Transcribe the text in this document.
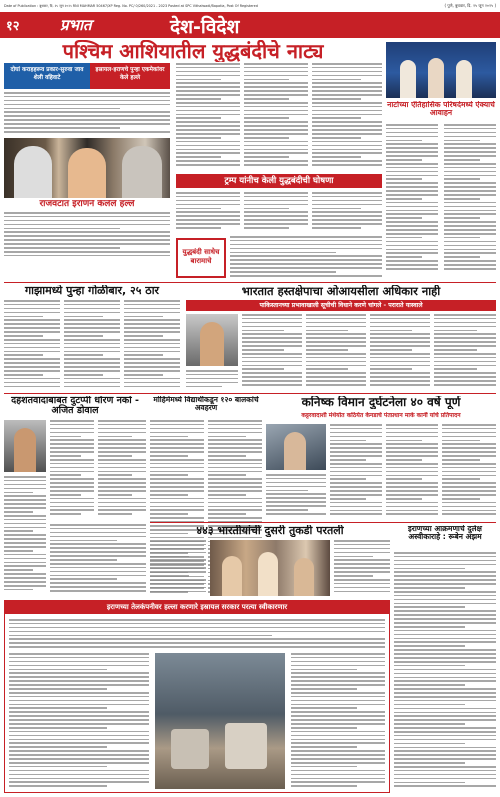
Date of Publication : बुधवार, दि. २५ जून २०२५ RNI MAHMAR 50467/XP Reg. No. PC/ 0/260/2021 - 2023 Posted at SPC Vithalwadi/Bapatia, Post Of Registered	( पुणे, बुधवार, दि. २५ जून २०२५ )
१२	प्रभात	देश-विदेश
पश्चिम आशियातील युद्धबंदीचे नाट्य
दोघां कराहहरूव प्रकार-सुरुवा जाव शेली वहिवाटे
इस्रायल-इराणचे पुन्हा एकमेकांवर केले हल्ले
राजवटात इराणने केलेले हल्ले
ट्रम्प यांनीच केली युद्धबंदीची घोषणा
युद्धबंदी साधेच बारामाचे
नाटोच्या ऐतिहासिक परिषदेमध्ये ऐक्याचे आवाहन
गाझामध्ये पुन्हा गोळीबार, २५ ठार	भारतात हस्तक्षेपाचा ओआयसीला अधिकार नाही
पाकिस्तानच्या प्रभावाखाली सूचीची विधाने करणे चांगले - पराराते यास्वाले
दहशतवादाबाबत दुटप्पी धोरण नको - अजित डोवाल
मोहिमेमध्ये विद्यार्थीकडून १२० बालकांचे अवहरण	कनिष्क विमान दुर्घटनेला ४० वर्षे पूर्ण
कट्टरवादाशी मंथेयोत कठियेत केनडाचे पंतप्रधान मार्क कार्नी यांचे प्रतिपादन
४४३ भारतीयांची दुसरी तुकडी परतली	इराणच्या आक्रमणाचे दुर्लक्ष अस्वीकाराहे : रूबेन अझम
इराणच्या तेलकंपनीवर हल्ला करणारे इस्रायल सरकार परत्या स्वीकारणार
